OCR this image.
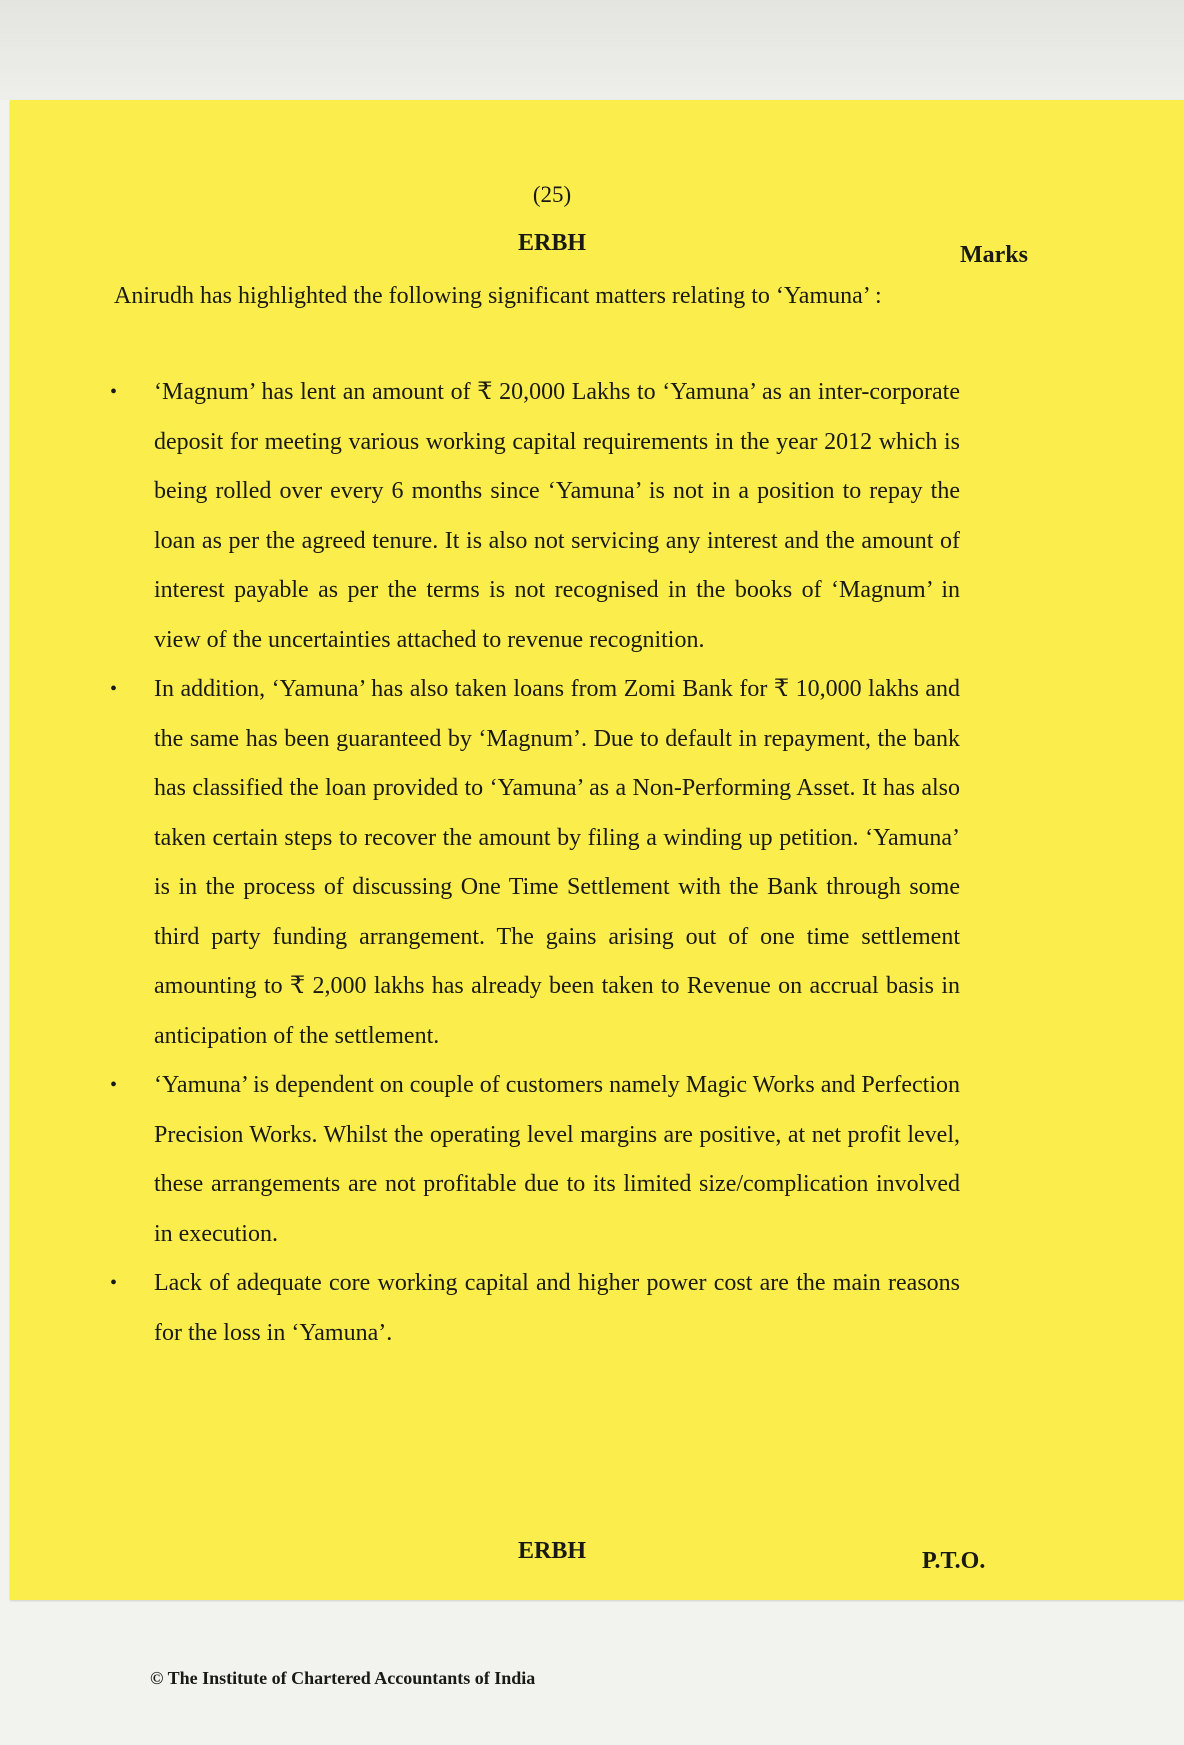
(25)
ERBH	Marks

Anirudh has highlighted the following significant matters relating to ‘Yamuna’ :

• ‘Magnum’ has lent an amount of ₹ 20,000 Lakhs to ‘Yamuna’ as an inter-corporate deposit for meeting various working capital requirements in the year 2012 which is being rolled over every 6 months since ‘Yamuna’ is not in a position to repay the loan as per the agreed tenure. It is also not servicing any interest and the amount of interest payable as per the terms is not recognised in the books of ‘Magnum’ in view of the uncertainties attached to revenue recognition.
• In addition, ‘Yamuna’ has also taken loans from Zomi Bank for ₹ 10,000 lakhs and the same has been guaranteed by ‘Magnum’. Due to default in repayment, the bank has classified the loan provided to ‘Yamuna’ as a Non-Performing Asset. It has also taken certain steps to recover the amount by filing a winding up petition. ‘Yamuna’ is in the process of discussing One Time Settlement with the Bank through some third party funding arrangement. The gains arising out of one time settlement amounting to ₹ 2,000 lakhs has already been taken to Revenue on accrual basis in anticipation of the settlement.
• ‘Yamuna’ is dependent on couple of customers namely Magic Works and Perfection Precision Works. Whilst the operating level margins are positive, at net profit level, these arrangements are not profitable due to its limited size/complication involved in execution.
• Lack of adequate core working capital and higher power cost are the main reasons for the loss in ‘Yamuna’.
ERBH	P.T.O.
© The Institute of Chartered Accountants of India
